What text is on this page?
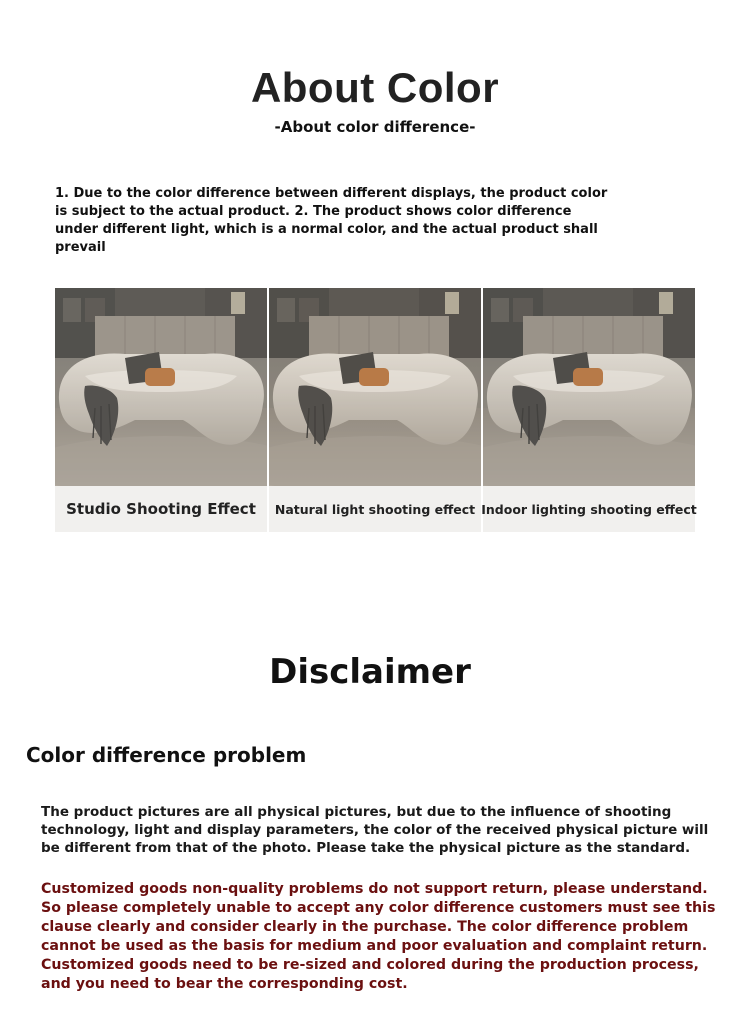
About Color
-About color difference-
1. Due to the color difference between different displays, the product color is subject to the actual product. 2. The product shows color difference under different light, which is a normal color, and the actual product shall prevail
Studio Shooting Effect	Natural light shooting effect Indoor lighting shooting effect
Disclaimer
Color difference problem
The product pictures are all physical pictures, but due to the influence of shooting technology, light and display parameters, the color of the received physical picture will be different from that of the photo. Please take the physical picture as the standard.
Customized goods non-quality problems do not support return, please understand. So please completely unable to accept any color difference customers must see this clause clearly and consider clearly in the purchase. The color difference problem cannot be used as the basis for medium and poor evaluation and complaint return. Customized goods need to be re-sized and colored during the production process, and you need to bear the corresponding cost.
